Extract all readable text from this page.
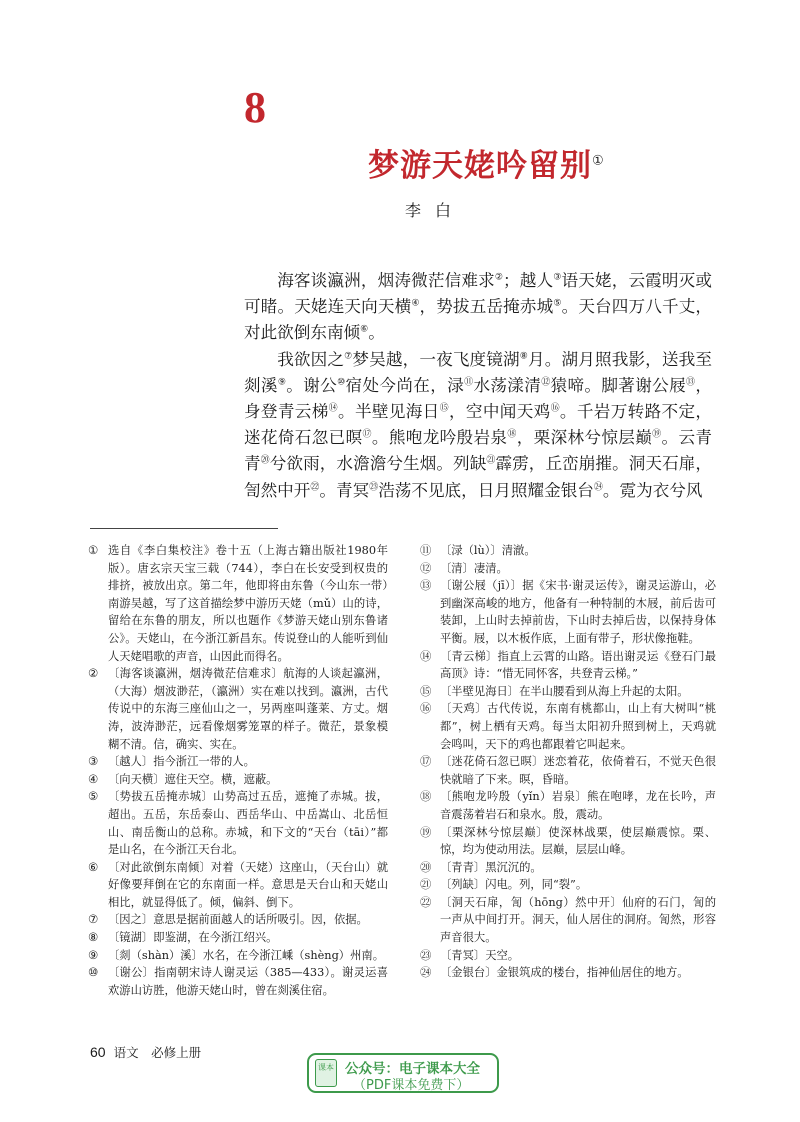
8
梦游天姥吟留别①
李白

海客谈瀛洲，烟涛微茫信难求②；越人③语天姥，云霞明灭或可睹。天姥连天向天横④，势拔五岳掩赤城⑤。天台四万八千丈，对此欲倒东南倾⑥。

我欲因之⑦梦吴越，一夜飞度镜湖⑧月。湖月照我影，送我至剡溪⑨。谢公⑩宿处今尚在，渌⑪水荡漾清⑫猿啼。脚著谢公屐⑬，身登青云梯⑭。半壁见海日⑮，空中闻天鸡⑯。千岩万转路不定，迷花倚石忽已暝⑰。熊咆龙吟殷岩泉⑱，栗深林兮惊层巅⑲。云青青⑳兮欲雨，水澹澹兮生烟。列缺$^㉑$霹雳，丘峦崩摧。洞天石扉，訇然中开$^㉒$。青冥$^㉓$浩荡不见底，日月照耀金银台$^㉔$。霓为衣兮风

① 选自《李白集校注》卷十五（上海古籍出版社1980年版）。唐玄宗天宝三载（744），李白在长安受到权贵的排挤，被放出京。第二年，他即将由东鲁（今山东一带）南游吴越，写了这首描绘梦中游历天姥（mǔ）山的诗，留给在东鲁的朋友，所以也题作《梦游天姥山别东鲁诸公》。天姥山，在今浙江新昌东。传说登山的人能听到仙人天姥唱歌的声音，山因此而得名。
② 〔海客谈瀛洲，烟涛微茫信难求〕航海的人谈起瀛洲，（大海）烟波渺茫，（瀛洲）实在难以找到。瀛洲，古代传说中的东海三座仙山之一，另两座叫蓬莱、方丈。烟涛，波涛渺茫，远看像烟雾笼罩的样子。微茫，景象模糊不清。信，确实、实在。
③ 〔越人〕指今浙江一带的人。
④ 〔向天横〕遮住天空。横，遮蔽。
⑤ 〔势拔五岳掩赤城〕山势高过五岳，遮掩了赤城。拔，超出。五岳，东岳泰山、西岳华山、中岳嵩山、北岳恒山、南岳衡山的总称。赤城，和下文的“天台（tāi）”都是山名，在今浙江天台北。
⑥ 〔对此欲倒东南倾〕对着（天姥）这座山，（天台山）就好像要拜倒在它的东南面一样。意思是天台山和天姥山相比，就显得低了。倾，偏斜、倒下。
⑦ 〔因之〕意思是据前面越人的话所吸引。因，依据。
⑧ 〔镜湖〕即鉴湖，在今浙江绍兴。
⑨ 〔剡（shàn）溪〕水名，在今浙江嵊（shèng）州南。
⑩ 〔谢公〕指南朝宋诗人谢灵运（385—433）。谢灵运喜欢游山访胜，他游天姥山时，曾在剡溪住宿。
⑪ 〔渌（lù）〕清澈。
⑫ 〔清〕凄清。
⑬ 〔谢公屐（jī）〕据《宋书·谢灵运传》，谢灵运游山，必到幽深高峻的地方，他备有一种特制的木屐，前后齿可装卸，上山时去掉前齿，下山时去掉后齿，以保持身体平衡。屐，以木板作底，上面有带子，形状像拖鞋。
⑭ 〔青云梯〕指直上云霄的山路。语出谢灵运《登石门最高顶》诗：“惜无同怀客，共登青云梯。”
⑮ 〔半壁见海日〕在半山腰看到从海上升起的太阳。
⑯ 〔天鸡〕古代传说，东南有桃都山，山上有大树叫“桃都”，树上栖有天鸡。每当太阳初升照到树上，天鸡就会鸣叫，天下的鸡也都跟着它叫起来。
⑰ 〔迷花倚石忽已暝〕迷恋着花，依倚着石，不觉天色很快就暗了下来。暝，昏暗。
⑱ 〔熊咆龙吟殷（yǐn）岩泉〕熊在咆哮，龙在长吟，声音震荡着岩石和泉水。殷，震动。
⑲ 〔栗深林兮惊层巅〕使深林战栗，使层巅震惊。栗、惊，均为使动用法。层巅，层层山峰。
⑳ 〔青青〕黑沉沉的。
㉑ 〔列缺〕闪电。列，同“裂”。
㉒ 〔洞天石扉，訇（hōng）然中开〕仙府的石门，訇的一声从中间打开。洞天，仙人居住的洞府。訇然，形容声音很大。
㉓ 〔青冥〕天空。
㉔ 〔金银台〕金银筑成的楼台，指神仙居住的地方。
60 语文　必修上册
课本 公众号：电子课本大全
（PDF课本免费下）
